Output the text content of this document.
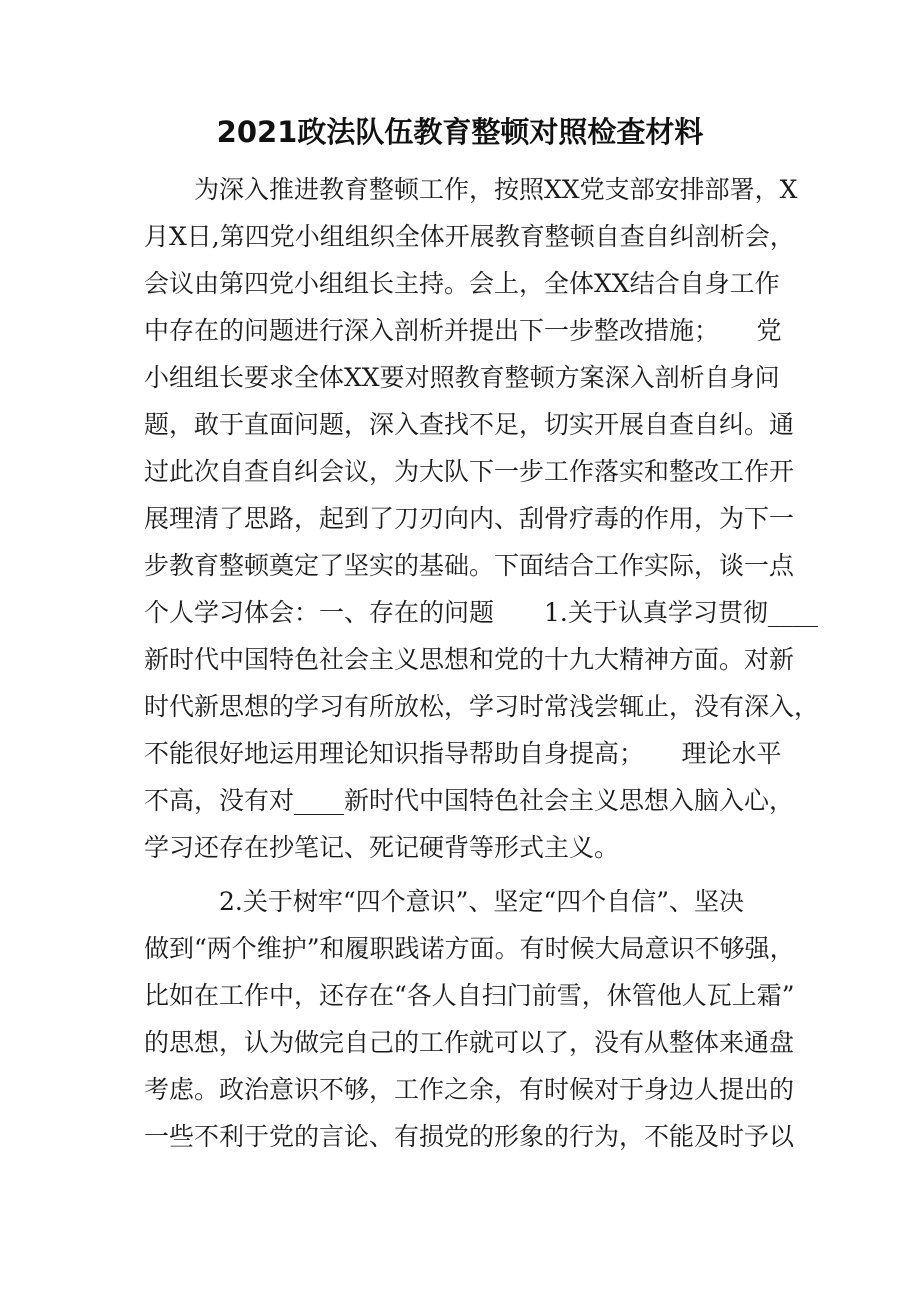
2021政法队伍教育整顿对照检查材料
　　为深入推进教育整顿工作，按照XX党支部安排部署，X
月X日,第四党小组组织全体开展教育整顿自查自纠剖析会，
会议由第四党小组组长主持。会上，全体XX结合自身工作
中存在的问题进行深入剖析并提出下一步整改措施；　　党
小组组长要求全体XX要对照教育整顿方案深入剖析自身问
题，敢于直面问题，深入查找不足，切实开展自查自纠。通
过此次自查自纠会议，为大队下一步工作落实和整改工作开
展理清了思路，起到了刀刃向内、刮骨疗毒的作用，为下一
步教育整顿奠定了坚实的基础。下面结合工作实际，谈一点
个人学习体会：一、存在的问题　　1.关于认真学习贯彻____
新时代中国特色社会主义思想和党的十九大精神方面。对新
时代新思想的学习有所放松，学习时常浅尝辄止，没有深入，
不能很好地运用理论知识指导帮助自身提高；　　理论水平
不高，没有对____新时代中国特色社会主义思想入脑入心，
学习还存在抄笔记、死记硬背等形式主义。
　　　2.关于树牢“四个意识”、坚定“四个自信”、坚决
做到“两个维护”和履职践诺方面。有时候大局意识不够强，
比如在工作中，还存在“各人自扫门前雪，休管他人瓦上霜”
的思想，认为做完自己的工作就可以了，没有从整体来通盘
考虑。政治意识不够，工作之余，有时候对于身边人提出的
一些不利于党的言论、有损党的形象的行为，不能及时予以
